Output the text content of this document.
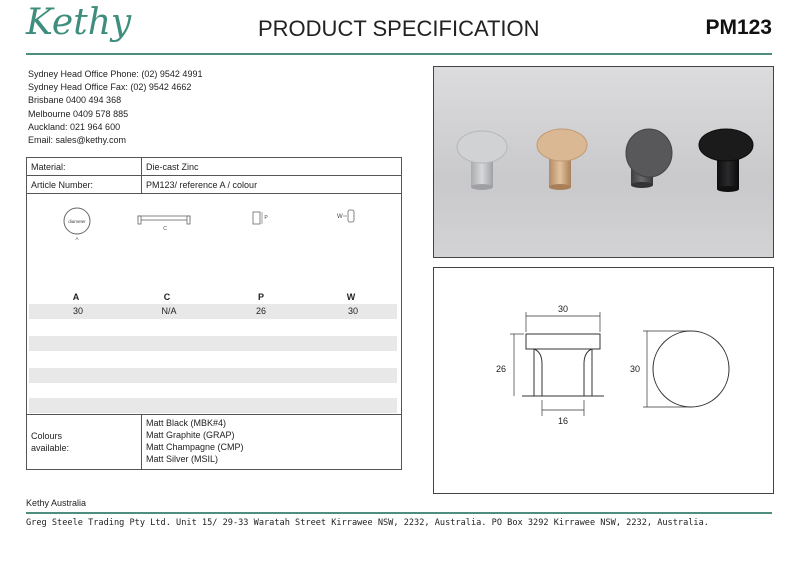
Kethy	PRODUCT SPECIFICATION	PM123
Sydney Head Office Phone: (02) 9542 4991
Sydney Head Office Fax: (02) 9542 4662
Brisbane 0400 494 368
Melbourne 0409 578 885
Auckland: 021 964 600
Email: sales@kethy.com
Material:	Die-cast Zinc
Article Number:	PM123/ reference A / colour
diameter
A
C
P	W
A	C	P	W
30	N/A	26	30
Colours
available:
Matt Black (MBK#4)
Matt Graphite (GRAP)
Matt Champagne (CMP)
Matt Silver (MSIL)
30
26
16
30
Kethy Australia
Greg Steele Trading Pty Ltd. Unit 15/ 29-33 Waratah Street Kirrawee NSW, 2232, Australia. PO Box 3292 Kirrawee NSW, 2232, Australia.
